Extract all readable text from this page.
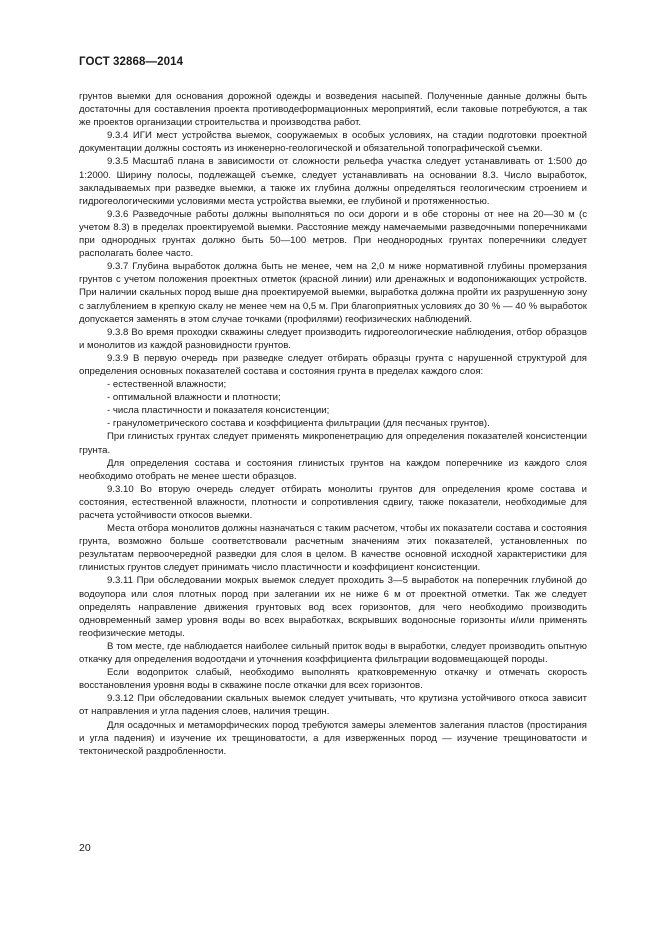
ГОСТ 32868—2014

грунтов выемки для основания дорожной одежды и возведения насыпей. Полученные данные должны быть достаточны для составления проекта противодеформационных мероприятий, если таковые потребуются, а так же проектов организации строительства и производства работ.

9.3.4 ИГИ мест устройства выемок, сооружаемых в особых условиях, на стадии подготовки проектной документации должны состоять из инженерно-геологической и обязательной топографической съемки.

9.3.5 Масштаб плана в зависимости от сложности рельефа участка следует устанавливать от 1:500 до 1:2000. Ширину полосы, подлежащей съемке, следует устанавливать на основании 8.3. Число выработок, закладываемых при разведке выемки, а также их глубина должны определяться геологическим строением и гидрогеологическими условиями места устройства выемки, ее глубиной и протяженностью.

9.3.6 Разведочные работы должны выполняться по оси дороги и в обе стороны от нее на 20—30 м (с учетом 8.3) в пределах проектируемой выемки. Расстояние между намечаемыми разведочными поперечниками при однородных грунтах должно быть 50—100 метров. При неоднородных грунтах поперечники следует располагать более часто.

9.3.7 Глубина выработок должна быть не менее, чем на 2,0 м ниже нормативной глубины промерзания грунтов с учетом положения проектных отметок (красной линии) или дренажных и водопонижающих устройств. При наличии скальных пород выше дна проектируемой выемки, выработка должна пройти их разрушенную зону с заглублением в крепкую скалу не менее чем на 0,5 м. При благоприятных условиях до 30 % — 40 % выработок допускается заменять в этом случае точками (профилями) геофизических наблюдений.

9.3.8 Во время проходки скважины следует производить гидрогеологические наблюдения, отбор образцов и монолитов из каждой разновидности грунтов.

9.3.9 В первую очередь при разведке следует отбирать образцы грунта с нарушенной структурой для определения основных показателей состава и состояния грунта в пределах каждого слоя:

- естественной влажности;
- оптимальной влажности и плотности;
- числа пластичности и показателя консистенции;
- гранулометрического состава и коэффициента фильтрации (для песчаных грунтов).

При глинистых грунтах следует применять микропенетрацию для определения показателей консистенции грунта.

Для определения состава и состояния глинистых грунтов на каждом поперечнике из каждого слоя необходимо отобрать не менее шести образцов.

9.3.10 Во вторую очередь следует отбирать монолиты грунтов для определения кроме состава и состояния, естественной влажности, плотности и сопротивления сдвигу, также показатели, необходимые для расчета устойчивости откосов выемки.

Места отбора монолитов должны назначаться с таким расчетом, чтобы их показатели состава и состояния грунта, возможно больше соответствовали расчетным значениям этих показателей, установленных по результатам первоочередной разведки для слоя в целом. В качестве основной исходной характеристики для глинистых грунтов следует принимать число пластичности и коэффициент консистенции.

9.3.11 При обследовании мокрых выемок следует проходить 3—5 выработок на поперечник глубиной до водоупора или слоя плотных пород при залегании их не ниже 6 м от проектной отметки. Так же следует определять направление движения грунтовых вод всех горизонтов, для чего необходимо производить одновременный замер уровня воды во всех выработках, вскрывших водоносные горизонты и/или применять геофизические методы.

В том месте, где наблюдается наиболее сильный приток воды в выработки, следует производить опытную откачку для определения водоотдачи и уточнения коэффициента фильтрации водовмещающей породы.

Если водоприток слабый, необходимо выполнять кратковременную откачку и отмечать скорость восстановления уровня воды в скважине после откачки для всех горизонтов.

9.3.12 При обследовании скальных выемок следует учитывать, что крутизна устойчивого откоса зависит от направления и угла падения слоев, наличия трещин.

Для осадочных и метаморфических пород требуются замеры элементов залегания пластов (простирания и угла падения) и изучение их трещиноватости, а для изверженных пород — изучение трещиноватости и тектонической раздробленности.

20
